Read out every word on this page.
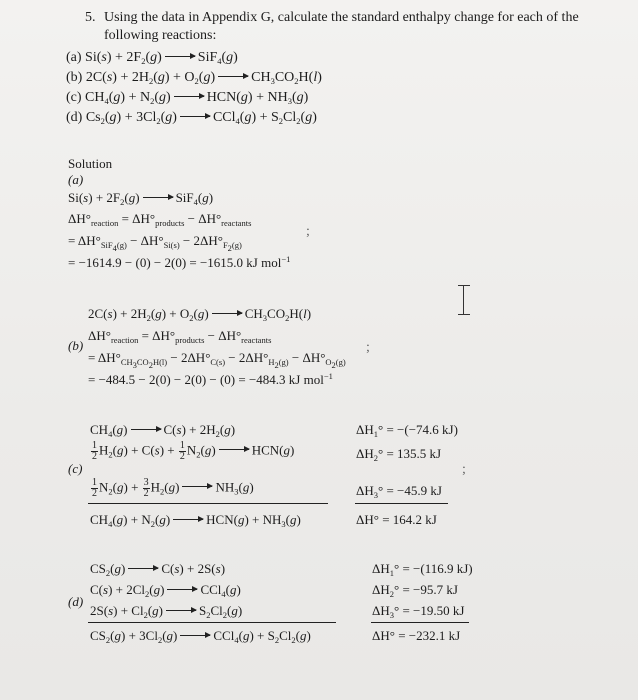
5. Using the data in Appendix G, calculate the standard enthalpy change for each of the
following reactions:
(a) $Si(s) + 2F_2(g)$	SiF$_4$(g)
(b) $2C(s) + 2H_2(g) + O_2(g)$	$CH_3CO_2H(l)$
(c) $CH_4(g) + N_2(g)$	$HCN(g) + NH_3(g)$
(d) $Cs_2(g) + 3Cl_2(g)$	$CCl_4(g) + S_2Cl_2(g)$
Solution
(a)
$Si(s) + 2F_2(g)$	SiF$_4$(g)
$\Delta H^\circ_{reaction} = \Delta H^\circ_{products} - \Delta H^\circ_{reactants}$
= $\Delta H^\circ_{SiF_4(g)} - \Delta H^\circ_{Si(s)} - 2\Delta H^\circ_{F_2(g)}$
= −1614.9 − (0) − 2(0) = −1615.0 kJ mol$^{-1}$
;
$2C(s) + 2H_2(g) + O_2(g)$	$CH_3CO_2H(l)$
$\Delta H^\circ_{reaction} = \Delta H^\circ_{products} - \Delta H^\circ_{reactants}$
(b)
= $\Delta H^\circ_{CH_3CO_2H(l)} - 2\Delta H^\circ_{C(s)} - 2\Delta H^\circ_{H_2(g)} - \Delta H^\circ_{O_2(g)}$
= −484.5 − 2(0) − 2(0) − (0) = −484.3 kJ mol$^{-1}$
;
$CH_4(g)$	$C(s) + 2H_2(g)$	$\Delta H_1^\circ = -(-74.6$ kJ)
$\frac{1}{2} H_2(g) + C(s) + \frac{1}{2} N_2(g)$	HCN(g)	$\Delta H_2^\circ = 135.5$ kJ
(c)
$\frac{1}{2} N_2(g) + \frac{3}{2} H_2(g)$	$NH_3(g)$	$\Delta H_3^\circ = -45.9$ kJ
;
$CH_4(g) + N_2(g)$	$HCN(g) + NH_3(g)$	ΔH° = 164.2 kJ
$CS_2(g)$	C(s) + 2S(s)	$\Delta H_1^\circ = -(116.9$ kJ)
$C(s) + 2Cl_2(g)$	CCl$_4$(g)	$\Delta H_2^\circ = -95.7$ kJ
(d)
$2S(s) + Cl_2(g)$	$S_2Cl_2(g)$	$\Delta H_3^\circ = -19.50$ kJ
$CS_2(g) + 3Cl_2(g)$	$CCl_4(g) + S_2Cl_2(g)$	ΔH° = −232.1 kJ
